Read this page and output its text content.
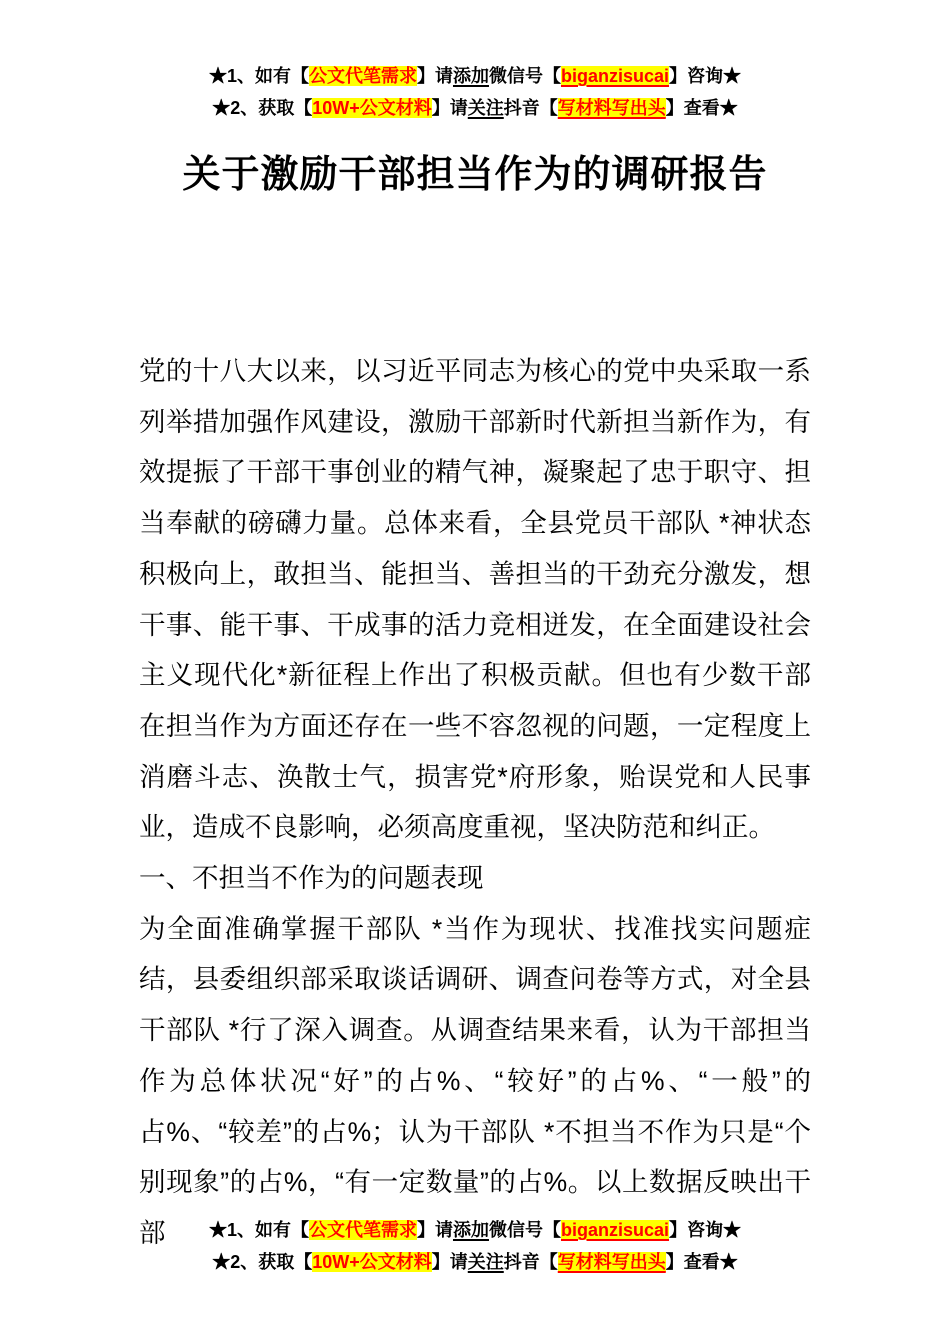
★1、如有【公文代笔需求】请添加微信号【biganzisucai】咨询★
★2、获取【10W+公文材料】请关注抖音【写材料写出头】查看★
关于激励干部担当作为的调研报告

党的十八大以来，以习近平同志为核心的党中央采取一系列举措加强作风建设，激励干部新时代新担当新作为，有效提振了干部干事创业的精气神，凝聚起了忠于职守、担当奉献的磅礴力量。总体来看，全县党员干部队 *神状态积极向上，敢担当、能担当、善担当的干劲充分激发，想干事、能干事、干成事的活力竞相迸发，在全面建设社会主义现代化*新征程上作出了积极贡献。但也有少数干部在担当作为方面还存在一些不容忽视的问题，一定程度上消磨斗志、涣散士气，损害党*府形象，贻误党和人民事业，造成不良影响，必须高度重视，坚决防范和纠正。

一、不担当不作为的问题表现

为全面准确掌握干部队 *当作为现状、找准找实问题症结，县委组织部采取谈话调研、调查问卷等方式，对全县干部队 *行了深入调查。从调查结果来看，认为干部担当作为总体状况“好”的占%、“较好”的占%、“一般”的占%、“较差”的占%；认为干部队 *不担当不作为只是“个别现象”的占%，“有一定数量”的占%。以上数据反映出干部	★1、如有【公文代笔需求】请添加微信号【biganzisucai】咨询★
★2、获取【10W+公文材料】请关注抖音【写材料写出头】查看★
